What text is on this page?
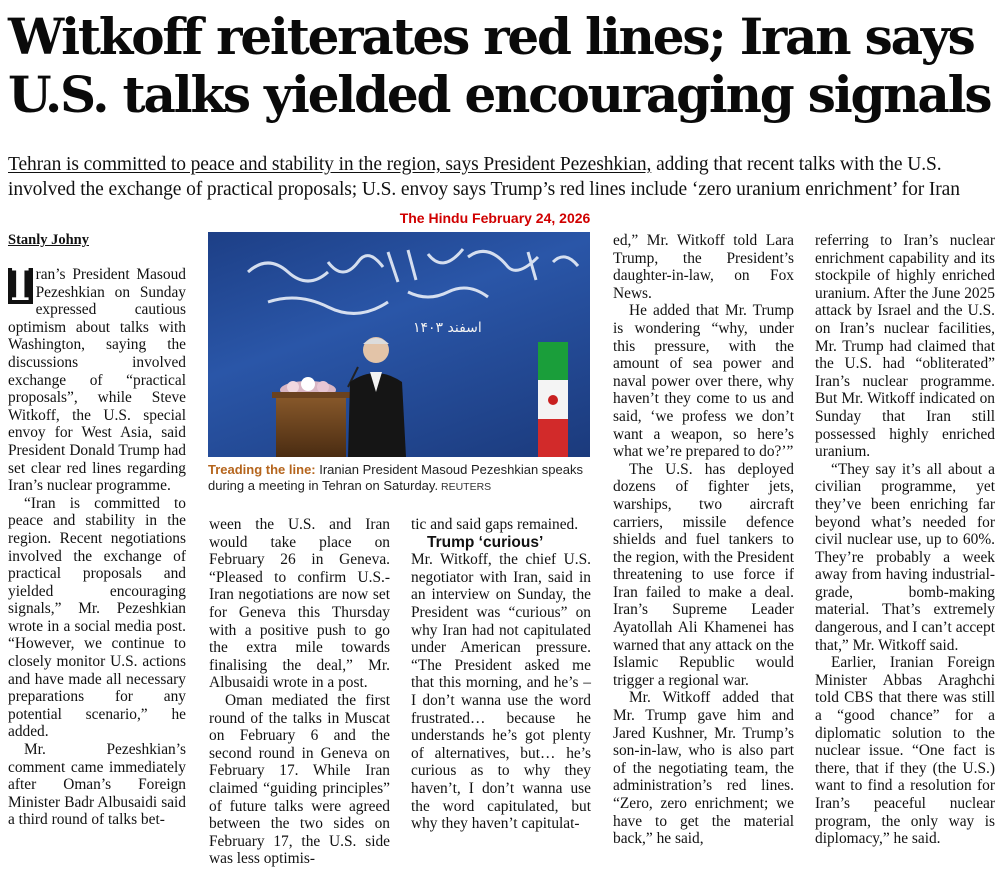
Witkoff reiterates red lines; Iran says U.S. talks yielded encouraging signals
Tehran is committed to peace and stability in the region, says President Pezeshkian, adding that recent talks with the U.S. involved the exchange of practical proposals; U.S. envoy says Trump’s red lines include ‘zero uranium enrichment’ for Iran
The Hindu February 24, 2026
Stanly Johny

I ran’s President Masoud Pezeshkian on Sunday expressed cautious optimism about talks with Washington, saying the discussions involved exchange of “practical proposals”, while Steve Witkoff, the U.S. special envoy for West Asia, said President Donald Trump had set clear red lines regarding Iran’s nuclear programme.

“Iran is committed to peace and stability in the region. Recent negotiations involved the exchange of practical proposals and yielded encouraging signals,” Mr. Pezeshkian wrote in a social media post. “However, we continue to closely monitor U.S. actions and have made all necessary preparations for any potential scenario,” he added.

Mr. Pezeshkian’s comment came immediately after Oman’s Foreign Minister Badr Albusaidi said a third round of talks bet-

اسفند ۱۴۰۳
Treading the line: Iranian President Masoud Pezeshkian speaks during a meeting in Tehran on Saturday. REUTERS

ween the U.S. and Iran would take place on February 26 in Geneva. “Pleased to confirm U.S.-Iran negotiations are now set for Geneva this Thursday with a positive push to go the extra mile towards finalising the deal,” Mr. Albusaidi wrote in a post.

Oman mediated the first round of the talks in Muscat on February 6 and the second round in Geneva on February 17. While Iran claimed “guiding principles” of future talks were agreed between the two sides on February 17, the U.S. side was less optimis-

tic and said gaps remained.

Trump ‘curious’

Mr. Witkoff, the chief U.S. negotiator with Iran, said in an interview on Sunday, the President was “curious” on why Iran had not capitulated under American pressure. “The President asked me that this morning, and he’s – I don’t wanna use the word frustrated… because he understands he’s got plenty of alternatives, but… he’s curious as to why they haven’t, I don’t wanna use the word capitulated, but why they haven’t capitulat-

ed,” Mr. Witkoff told Lara Trump, the President’s daughter-in-law, on Fox News.

He added that Mr. Trump is wondering “why, under this pressure, with the amount of sea power and naval power over there, why haven’t they come to us and said, ‘we profess we don’t want a weapon, so here’s what we’re prepared to do?’”

The U.S. has deployed dozens of fighter jets, warships, two aircraft carriers, missile defence shields and fuel tankers to the region, with the President threatening to use force if Iran failed to make a deal. Iran’s Supreme Leader Ayatollah Ali Khamenei has warned that any attack on the Islamic Republic would trigger a regional war.

Mr. Witkoff added that Mr. Trump gave him and Jared Kushner, Mr. Trump’s son-in-law, who is also part of the negotiating team, the administration’s red lines. “Zero, zero enrichment; we have to get the material back,” he said,

referring to Iran’s nuclear enrichment capability and its stockpile of highly enriched uranium. After the June 2025 attack by Israel and the U.S. on Iran’s nuclear facilities, Mr. Trump had claimed that the U.S. had “obliterated” Iran’s nuclear programme. But Mr. Witkoff indicated on Sunday that Iran still possessed highly enriched uranium.

“They say it’s all about a civilian programme, yet they’ve been enriching far beyond what’s needed for civil nuclear use, up to 60%. They’re probably a week away from having industrial-grade, bomb-making material. That’s extremely dangerous, and I can’t accept that,” Mr. Witkoff said.

Earlier, Iranian Foreign Minister Abbas Araghchi told CBS that there was still a “good chance” for a diplomatic solution to the nuclear issue. “One fact is there, that if they (the U.S.) want to find a resolution for Iran’s peaceful nuclear program, the only way is diplomacy,” he said.
